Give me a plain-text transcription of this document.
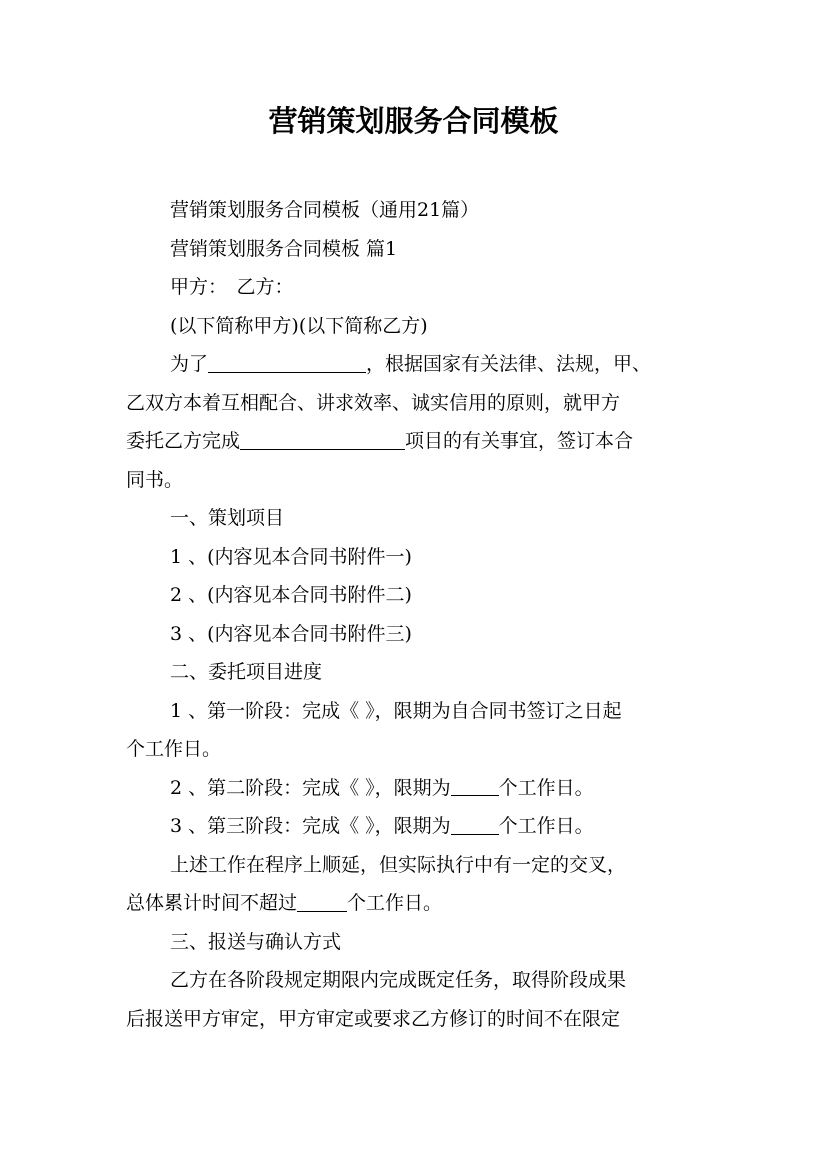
营销策划服务合同模板
营销策划服务合同模板（通用21篇）
营销策划服务合同模板 篇1
甲方：　乙方：
(以下简称甲方)(以下简称乙方)
为了	，根据国家有关法律、法规，甲、
乙双方本着互相配合、讲求效率、诚实信用的原则，就甲方
委托乙方完成	项目的有关事宜，签订本合
同书。
一、策划项目
1 、(内容见本合同书附件一)
2 、(内容见本合同书附件二)
3 、(内容见本合同书附件三)
二、委托项目进度
1 、第一阶段：完成《 》，限期为自合同书签订之日起
个工作日。
2 、第二阶段：完成《 》，限期为	个工作日。
3 、第三阶段：完成《 》，限期为	个工作日。
上述工作在程序上顺延，但实际执行中有一定的交叉，
总体累计时间不超过	个工作日。
三、报送与确认方式
乙方在各阶段规定期限内完成既定任务，取得阶段成果
后报送甲方审定，甲方审定或要求乙方修订的时间不在限定
